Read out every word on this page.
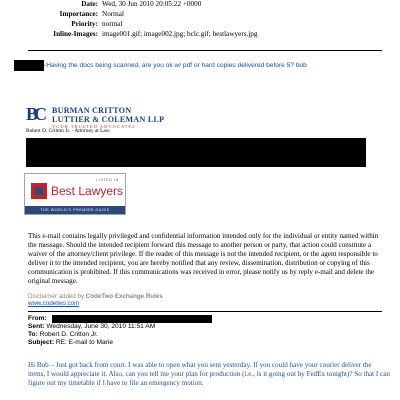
Date: Wed, 30 Jun 2010 20:05:22 +0000
Importance: Normal
Priority: normal
Inline-Images: image001.gif; image002.jpg; bclc.gif; bestlawyers.jpg
-Having the docs being scanned, are you ok w/ pdf or hard copies delivered before 5? bob
BC	BURMAN CRITTON
LUTTIER & COLEMAN LLP
YOUR TRUSTED ADVOCATES
Robert D. Critton Jr. · Attorney at Law
LISTED IN
Best Lawyers
THE WORLD'S PREMIER GUIDE
This e-mail contains legally privileged and confidential information intended only for the individual or entity named within the message. Should the intended recipient forward this message to another person or party, that action could constitute a waiver of the attorney/client privilege. If the reader of this message is not the intended recipient, or the agent responsible to deliver it to the intended recipient, you are hereby notified that any review, dissemination, distribution or copying of this communication is prohibited. If this communications was received in error, please notify us by reply e-mail and delete the original message.
Disclaimer added by CodeTwo Exchange Rules
www.codetwo.com
From:
Sent: Wednesday, June 30, 2010 11:51 AM
To: Robert D. Critton Jr.
Subject: RE: E-mail to Marie
Hi Bob – Just got back from court. I was able to open what you sent yesterday. If you could have your courier deliver the items, I would appreciate it. Also, can you tell me your plan for production (i.e., is it going out by FedEx tonight)? So that I can figure out my timetable if I have to file an emergency motion.
